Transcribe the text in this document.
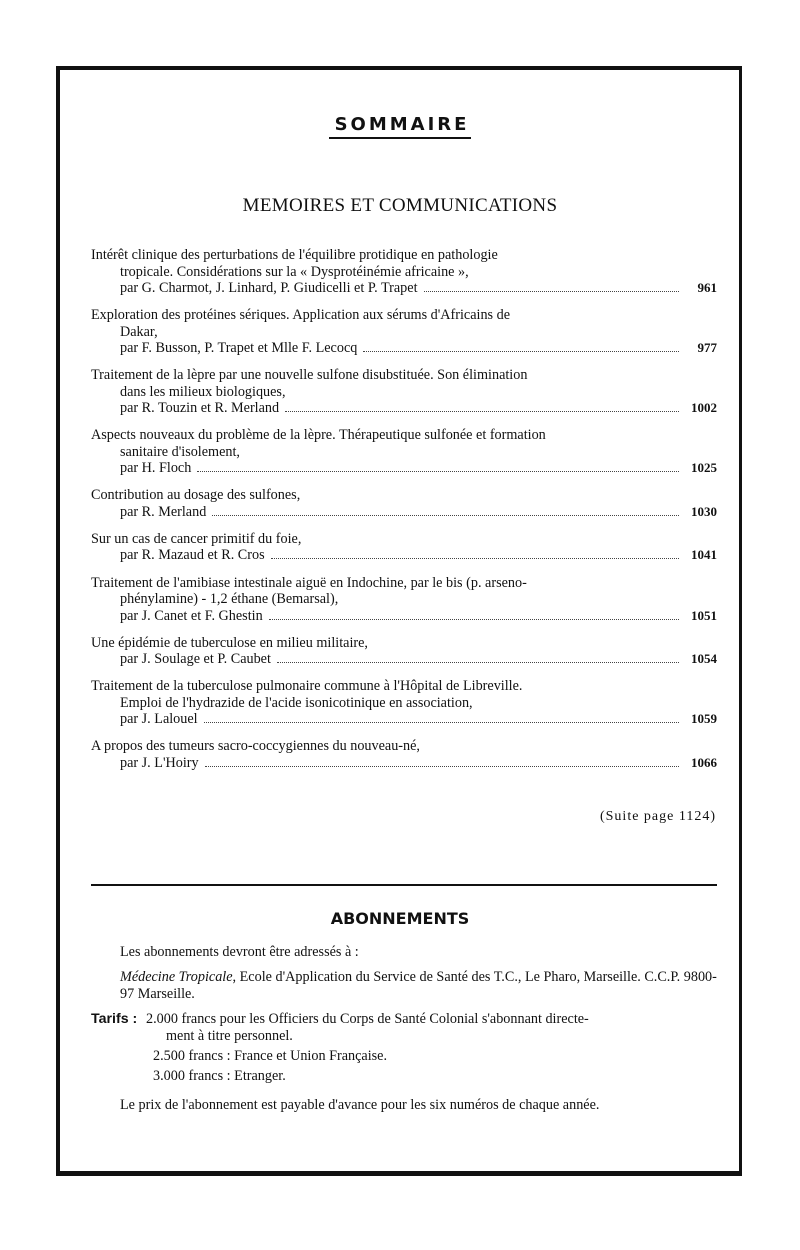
SOMMAIRE
MEMOIRES ET COMMUNICATIONS
Intérêt clinique des perturbations de l'équilibre protidique en pathologie
tropicale. Considérations sur la « Dysprotéinémie africaine »,
par G. Charmot, J. Linhard, P. Giudicelli et P. Trapet	961
Exploration des protéines sériques. Application aux sérums d'Africains de
Dakar,
par F. Busson, P. Trapet et Mlle F. Lecocq	977
Traitement de la lèpre par une nouvelle sulfone disubstituée. Son élimination
dans les milieux biologiques,
par R. Touzin et R. Merland	1002
Aspects nouveaux du problème de la lèpre. Thérapeutique sulfonée et formation
sanitaire d'isolement,
par H. Floch	1025
Contribution au dosage des sulfones,
par R. Merland	1030
Sur un cas de cancer primitif du foie,
par R. Mazaud et R. Cros	1041
Traitement de l'amibiase intestinale aiguë en Indochine, par le bis (p. arseno-
phénylamine) - 1,2 éthane (Bemarsal),
par J. Canet et F. Ghestin	1051
Une épidémie de tuberculose en milieu militaire,
par J. Soulage et P. Caubet	1054
Traitement de la tuberculose pulmonaire commune à l'Hôpital de Libreville.
Emploi de l'hydrazide de l'acide isonicotinique en association,
par J. Lalouel	1059
A propos des tumeurs sacro-coccygiennes du nouveau-né,
par J. L'Hoiry	1066
(Suite page 1124)
ABONNEMENTS

Les abonnements devront être adressés à :

Médecine Tropicale, Ecole d'Application du Service de Santé des T.C., Le Pharo, Marseille. C.C.P. 9800-97 Marseille.

Tarifs : 2.000 francs pour les Officiers du Corps de Santé Colonial s'abonnant directe-
ment à titre personnel.
2.500 francs : France et Union Française.
3.000 francs : Etranger.

Le prix de l'abonnement est payable d'avance pour les six numéros de chaque année.
